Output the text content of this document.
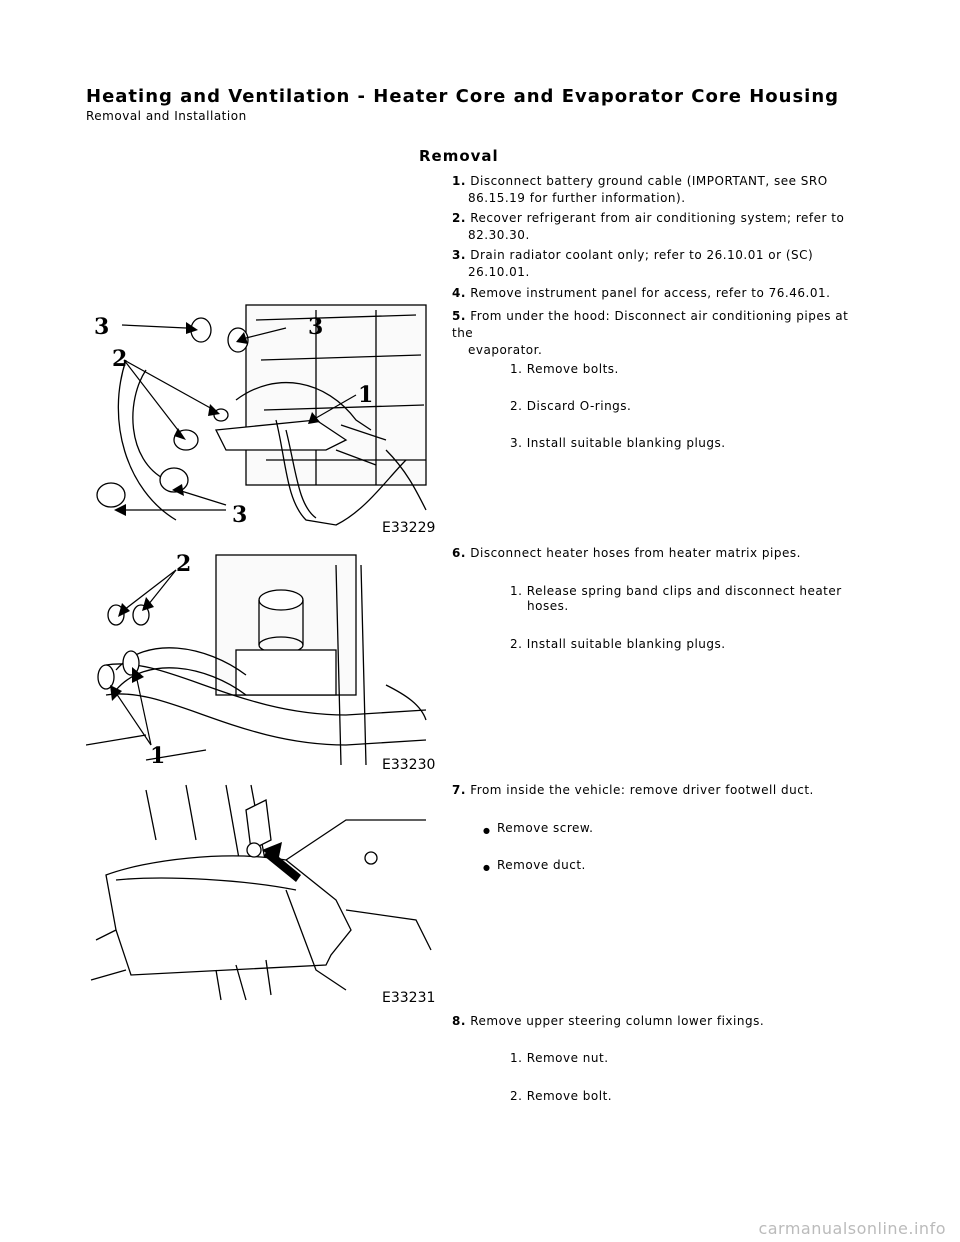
Heating and Ventilation - Heater Core and Evaporator Core Housing
Removal and Installation
Removal
1. Disconnect battery ground cable (IMPORTANT, see SRO
86.15.19 for further information).
2. Recover refrigerant from air conditioning system; refer to
82.30.30.
3. Drain radiator coolant only; refer to 26.10.01 or (SC)
26.10.01.
4. Remove instrument panel for access, refer to 76.46.01.
5. From under the hood: Disconnect air conditioning pipes at the
evaporator.
1. Remove bolts.
2. Discard O-rings.
3. Install suitable blanking plugs.
6. Disconnect heater hoses from heater matrix pipes.
1. Release spring band clips and disconnect heater
hoses.
2. Install suitable blanking plugs.
7. From inside the vehicle: remove driver footwell duct.
● Remove screw.
● Remove duct.
8. Remove upper steering column lower fixings.
1. Remove nut.
2. Remove bolt.
3	3
2
1
3	E33229
2
1	E33230
E33231
carmanualsonline.info
